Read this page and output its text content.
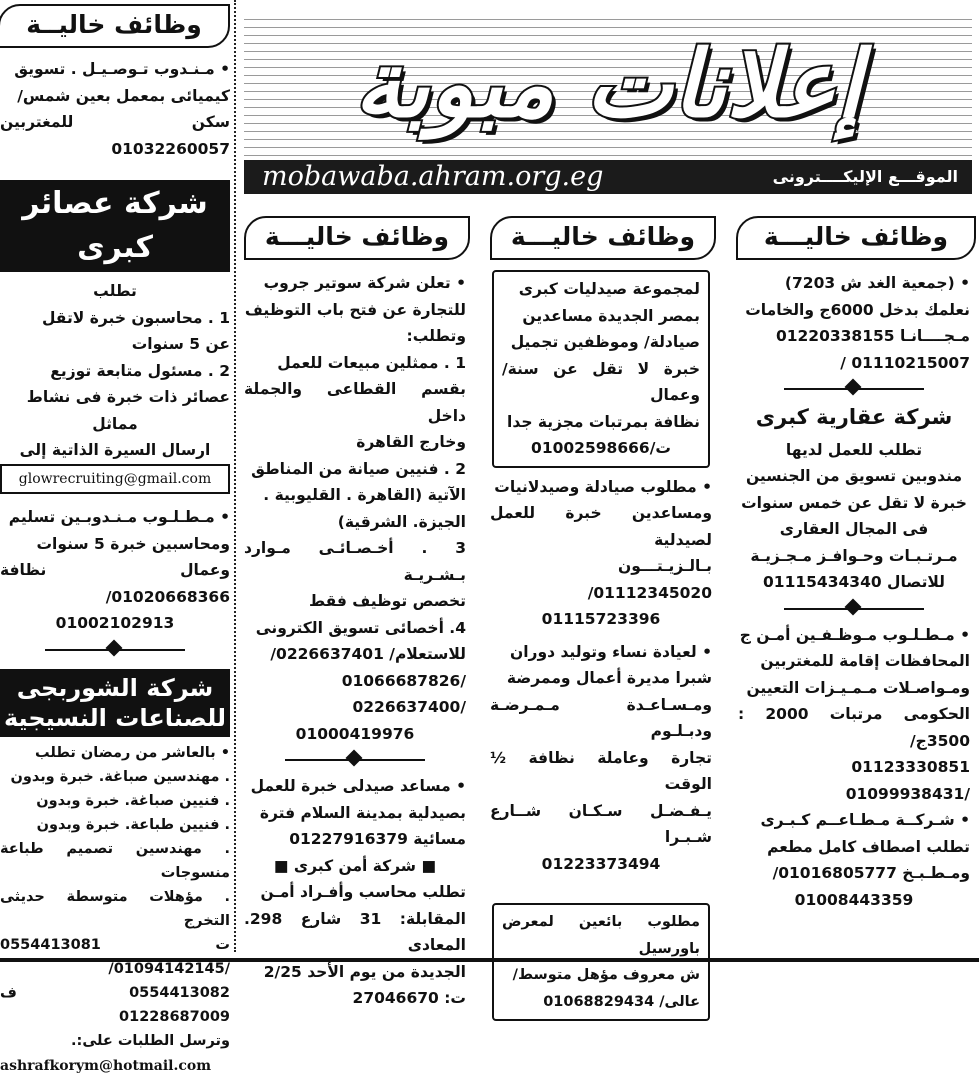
إعلانات مبوبة
mobawaba.ahram.org.eg	الموقـــع الإليكــــترونى
وظائف خاليـــة
وظائف خاليـــة
وظائف خاليـــة
وظائف خاليــة

• (جمعية الغد ش 7203)

نعلمك بدخل 6000ج والخامات

مـجــــانـا 01220338155

01110215007 /

شركة عقارية كبرى

تطلب للعمل لديها

مندوبين تسويق من الجنسين

خبرة لا تقل عن خمس سنوات

فى المجال العقارى

مـرتـبـات وحـوافـز مـجـزيـة

للاتصال 01115434340

• مـطـلـوب مـوظـفـين أمـن ج

المحافظات إقامة للمغتربين

ومـواصـلات مـمـيـزات التعيين

الحكومى مرتبات 2000 : 3500ج/

01123330851 /01099938431

• شـركــة مـطـاعــم كـبـرى

تطلب اصطاف كامل مطعم

ومـطـبـخ 01016805777/

01008443359

لمجموعة صيدليات كبرى

بمصر الجديدة مساعدين

صيادلة/ وموظفين تجميل

خبرة لا تقل عن سنة/ وعمال

نظافة بمرتبات مجزية جدا

ت/01002598666

• مطلوب صيادلة وصيدلانيات

ومساعدين خبرة للعمل لصيدلية

بـالـزيـتـــون 01112345020/

01115723396

• لعيادة نساء وتوليد دوران

شبرا مديرة أعمال وممرضة

ومـسـاعـدة مـمـرضـة ودبـلـوم

تجارة وعاملة نظافة ½ الوقت

يـفـضـل سـكـان شــارع شـبـرا

01223373494

مطلوب بائعين لمعرض باورسيل

ش معروف مؤهل متوسط/

عالى/ 01068829434

• تعلن شركة سوتير جروب

للتجارة عن فتح باب التوظيف

وتطلب:

1 . ممثلين مبيعات للعمل

بقسم القطاعى والجملة داخل

وخارج القاهرة

2 . فنيين صيانة من المناطق

الآتية (القاهرة . القليوبية .

الجيزة. الشرقية)

3 . أخـصـائـى مـوارد بـشـريـة

تخصص توظيف فقط

4. أخصائى تسويق الكترونى

للاستعلام/ 0226637401/

/01066687826 /0226637400

01000419976

• مساعد صيدلى خبرة للعمل

بصيدلية بمدينة السلام فترة

مسائية 01227916379

■ شركة أمن كبرى ■

تطلب محاسب وأفـراد أمـن

المقابلة: 31 شارع 298. المعادى

الجديدة من يوم الأحد 2/25

ت: 27046670

• مـنـدوب تـوصـيـل . تسويق

كيميائى بمعمل بعين شمس/

سكن للمغتربين 01032260057

شركة عصائر كبرى

تطلب

1 . محاسبون خبرة لاتقل

عن 5 سنوات

2 . مسئول متابعة توزيع

عصائر ذات خبرة فى نشاط

مماثل

ارسال السيرة الذاتية إلى

glowrecruiting@gmail.com

• مـطـلـوب مـنـدوبـين تسليم

ومحاسبين خبرة 5 سنوات

وعمال نظافة 01020668366/

01002102913

شركة الشوربجى
للصناعات النسيجية

• بالعاشر من رمضان تطلب

. مهندسين صباغة. خبرة وبدون

. فنيين صباغة. خبرة وبدون

. فنيين طباعة. خبرة وبدون

. مهندسين تصميم طباعة منسوجات

. مؤهلات متوسطة حديثى التخرج

ت 0554413081 /01094142145/

0554413082 ف 01228687009

وترسل الطلبات على:.

ashrafkorym@hotmail.com
